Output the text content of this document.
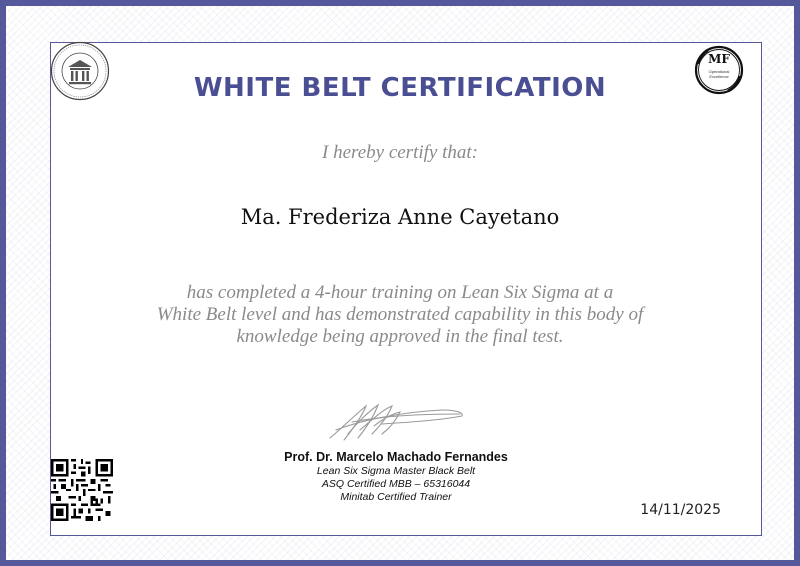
MF
Operational
Excellence
WHITE BELT CERTIFICATION
I hereby certify that:
Ma. Frederiza Anne Cayetano
has completed a 4-hour training on Lean Six Sigma at a
White Belt level and has demonstrated capability in this body of
knowledge being approved in the final test.
Prof. Dr. Marcelo Machado Fernandes
Lean Six Sigma Master Black Belt
ASQ Certified MBB – 65316044
Minitab Certified Trainer
14/11/2025
